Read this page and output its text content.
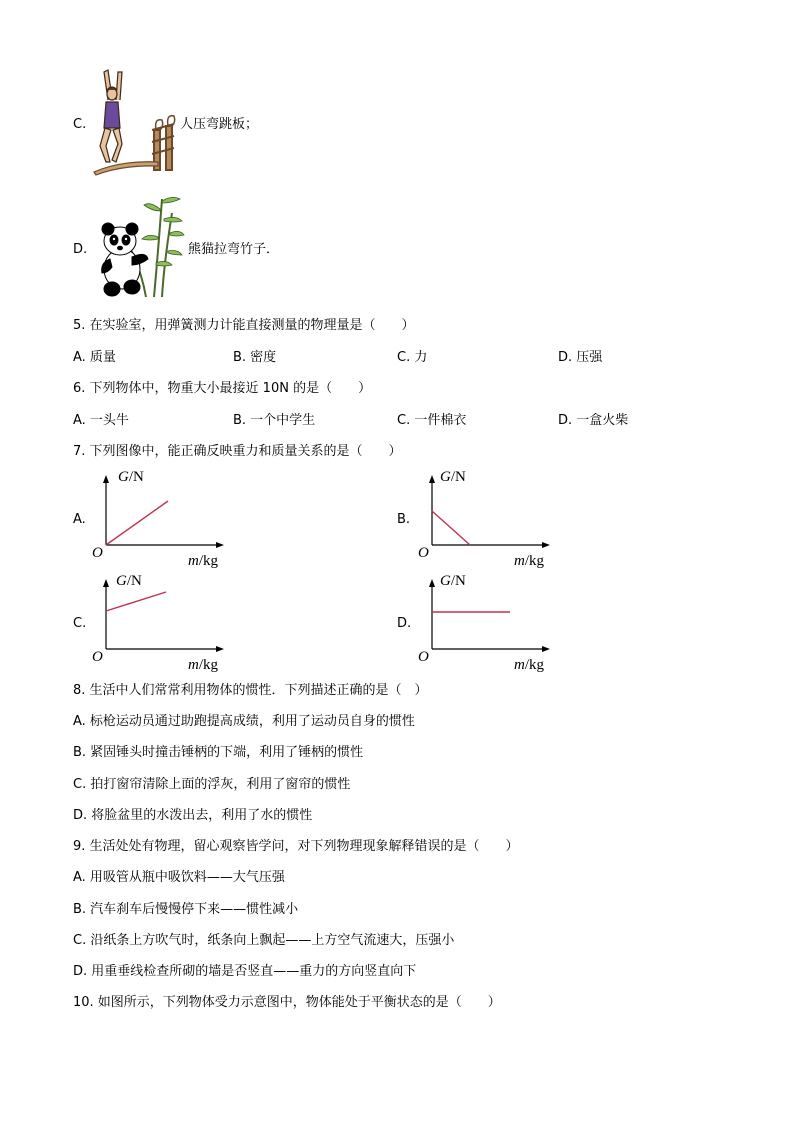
C.	人压弯跳板；
D.	熊猫拉弯竹子．
5. 在实验室，用弹簧测力计能直接测量的物理量是（　　）
A. 质量	B. 密度	C. 力	D. 压强
6. 下列物体中，物重大小最接近 10N 的是（　　）
A. 一头牛	B. 一个中学生	C. 一件棉衣	D. 一盒火柴
7. 下列图像中，能正确反映重力和质量关系的是（　　）
A.
G/N
O	m/kg
B.
G/N
O	m/kg
C.
G/N
O	m/kg
D.
G/N
O	m/kg
8. 生活中人们常常利用物体的惯性．下列描述正确的是（　）
A. 标枪运动员通过助跑提高成绩，利用了运动员自身的惯性
B. 紧固锤头时撞击锤柄的下端，利用了锤柄的惯性
C. 拍打窗帘清除上面的浮灰，利用了窗帘的惯性
D. 将脸盆里的水泼出去，利用了水的惯性
9. 生活处处有物理，留心观察皆学问，对下列物理现象解释错误的是（　　）
A. 用吸管从瓶中吸饮料——大气压强
B. 汽车刹车后慢慢停下来——惯性减小
C. 沿纸条上方吹气时，纸条向上飘起——上方空气流速大，压强小
D. 用重垂线检查所砌的墙是否竖直——重力的方向竖直向下
10. 如图所示，下列物体受力示意图中，物体能处于平衡状态的是（　　）
